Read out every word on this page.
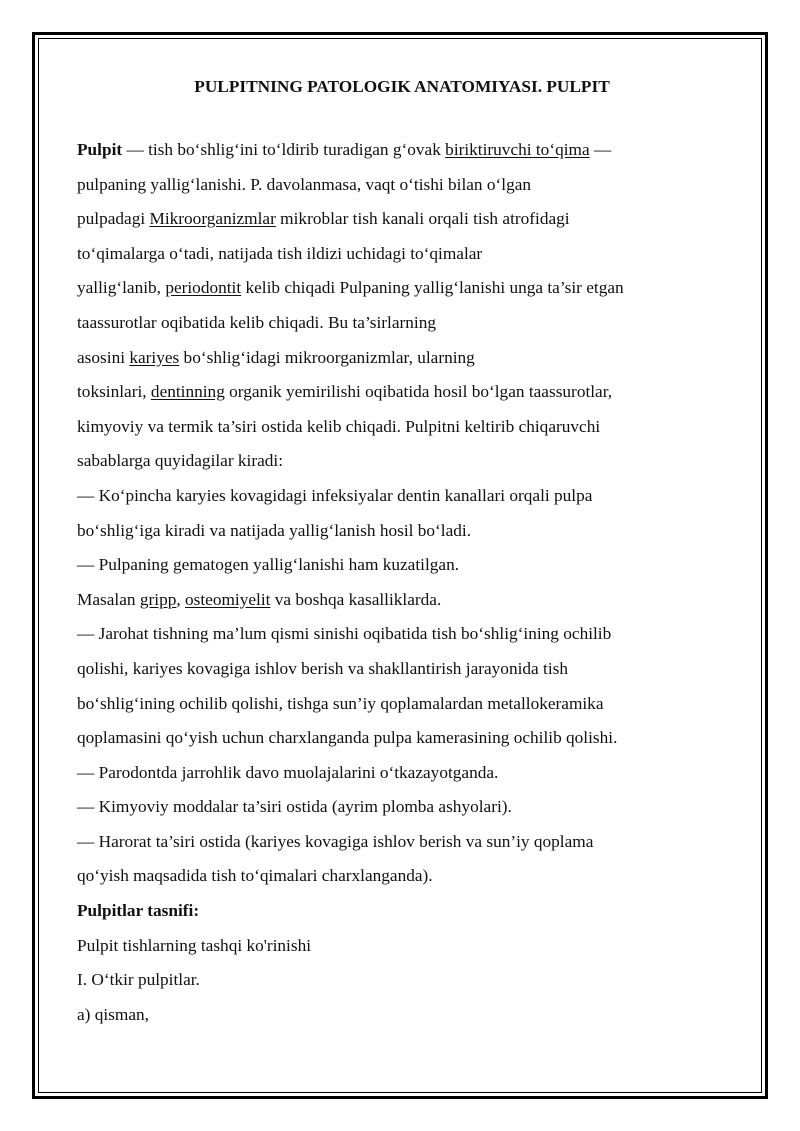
PULPITNING PATOLOGIK ANATOMIYASI. PULPIT
Pulpit — tish bo‘shlig‘ini to‘ldirib turadigan g‘ovak biriktiruvchi to‘qima —
pulpaning yallig‘lanishi. P. davolanmasa, vaqt o‘tishi bilan o‘lgan
pulpadagi Mikroorganizmlar mikroblar tish kanali orqali tish atrofidagi
to‘qimalarga o‘tadi, natijada tish ildizi uchidagi to‘qimalar
yallig‘lanib, periodontit kelib chiqadi Pulpaning yallig‘lanishi unga ta’sir etgan
taassurotlar oqibatida kelib chiqadi. Bu ta’sirlarning
asosini kariyes bo‘shlig‘idagi mikroorganizmlar, ularning
toksinlari, dentinning organik yemirilishi oqibatida hosil bo‘lgan taassurotlar,
kimyoviy va termik ta’siri ostida kelib chiqadi. Pulpitni keltirib chiqaruvchi
sabablarga quyidagilar kiradi:
— Ko‘pincha karyies kovagidagi infeksiyalar dentin kanallari orqali pulpa
bo‘shlig‘iga kiradi va natijada yallig‘lanish hosil bo‘ladi.
— Pulpaning gematogen yallig‘lanishi ham kuzatilgan.
Masalan gripp, osteomiyelit va boshqa kasalliklarda.
— Jarohat tishning ma’lum qismi sinishi oqibatida tish bo‘shlig‘ining ochilib
qolishi, kariyes kovagiga ishlov berish va shakllantirish jarayonida tish
bo‘shlig‘ining ochilib qolishi, tishga sun’iy qoplamalardan metallokeramika
qoplamasini qo‘yish uchun charxlanganda pulpa kamerasining ochilib qolishi.
— Parodontda jarrohlik davo muolajalarini o‘tkazayotganda.
— Kimyoviy moddalar ta’siri ostida (ayrim plomba ashyolari).
— Harorat ta’siri ostida (kariyes kovagiga ishlov berish va sun’iy qoplama
qo‘yish maqsadida tish to‘qimalari charxlanganda).
Pulpitlar tasnifi:
Pulpit tishlarning tashqi ko'rinishi
I. O‘tkir pulpitlar.
a) qisman,
